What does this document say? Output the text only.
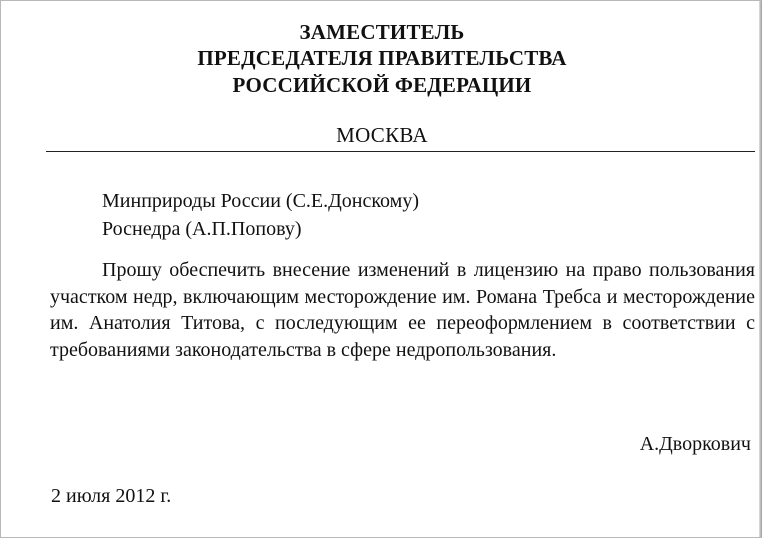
ЗАМЕСТИТЕЛЬ
ПРЕДСЕДАТЕЛЯ ПРАВИТЕЛЬСТВА
РОССИЙСКОЙ ФЕДЕРАЦИИ
МОСКВА
Минприроды России (С.Е.Донскому)
Роснедра (А.П.Попову)
Прошу обеспечить внесение изменений в лицензию на право пользования участком недр, включающим месторождение им. Романа Требса и месторождение им. Анатолия Титова, с последующим ее переоформлением в соответствии с требованиями законодательства в сфере недропользования.
А.Дворкович
2 июля 2012 г.
